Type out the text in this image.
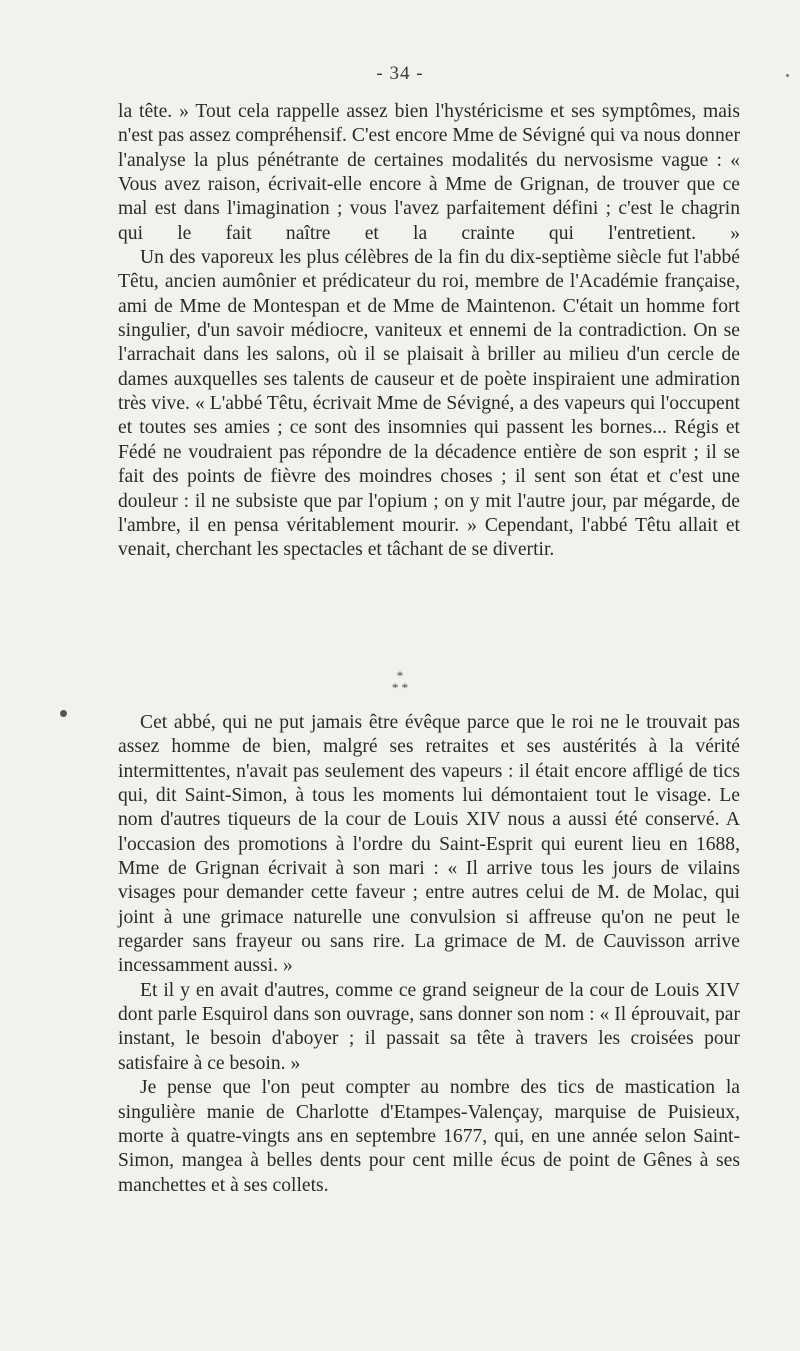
- 34 -

la tête. » Tout cela rappelle assez bien l'hystéricisme et ses symptômes, mais n'est pas assez compréhensif. C'est encore Mme de Sévigné qui va nous donner l'analyse la plus pénétrante de certaines modalités du nervosisme vague : « Vous avez raison, écrivait-elle encore à Mme de Grignan, de trouver que ce mal est dans l'imagination ; vous l'avez parfaitement défini ; c'est le chagrin qui le fait naître et la crainte qui l'entretient. »

Un des vaporeux les plus célèbres de la fin du dix-septième siècle fut l'abbé Têtu, ancien aumônier et prédicateur du roi, membre de l'Académie française, ami de Mme de Montespan et de Mme de Maintenon. C'était un homme fort singulier, d'un savoir médiocre, vaniteux et ennemi de la contradiction. On se l'arrachait dans les salons, où il se plaisait à briller au milieu d'un cercle de dames auxquelles ses talents de causeur et de poète inspiraient une admiration très vive. « L'abbé Têtu, écrivait Mme de Sévigné, a des vapeurs qui l'occupent et toutes ses amies ; ce sont des insomnies qui passent les bornes... Régis et Fédé ne voudraient pas répondre de la décadence entière de son esprit ; il se fait des points de fièvre des moindres choses ; il sent son état et c'est une douleur : il ne subsiste que par l'opium ; on y mit l'autre jour, par mégarde, de l'ambre, il en pensa véritablement mourir. » Cependant, l'abbé Têtu allait et venait, cherchant les spectacles et tâchant de se divertir.

*
* *

Cet abbé, qui ne put jamais être évêque parce que le roi ne le trouvait pas assez homme de bien, malgré ses retraites et ses austérités à la vérité intermittentes, n'avait pas seulement des vapeurs : il était encore affligé de tics qui, dit Saint-Simon, à tous les moments lui démontaient tout le visage. Le nom d'autres tiqueurs de la cour de Louis XIV nous a aussi été conservé. A l'occasion des promotions à l'ordre du Saint-Esprit qui eurent lieu en 1688, Mme de Grignan écrivait à son mari : « Il arrive tous les jours de vilains visages pour demander cette faveur ; entre autres celui de M. de Molac, qui joint à une grimace naturelle une convulsion si affreuse qu'on ne peut le regarder sans frayeur ou sans rire. La grimace de M. de Cauvisson arrive incessamment aussi. »

Et il y en avait d'autres, comme ce grand seigneur de la cour de Louis XIV dont parle Esquirol dans son ouvrage, sans donner son nom : « Il éprouvait, par instant, le besoin d'aboyer ; il passait sa tête à travers les croisées pour satisfaire à ce besoin. »

Je pense que l'on peut compter au nombre des tics de mastication la singulière manie de Charlotte d'Etampes-Valençay, marquise de Puisieux, morte à quatre-vingts ans en septembre 1677, qui, en une année selon Saint-Simon, mangea à belles dents pour cent mille écus de point de Gênes à ses manchettes et à ses collets.
